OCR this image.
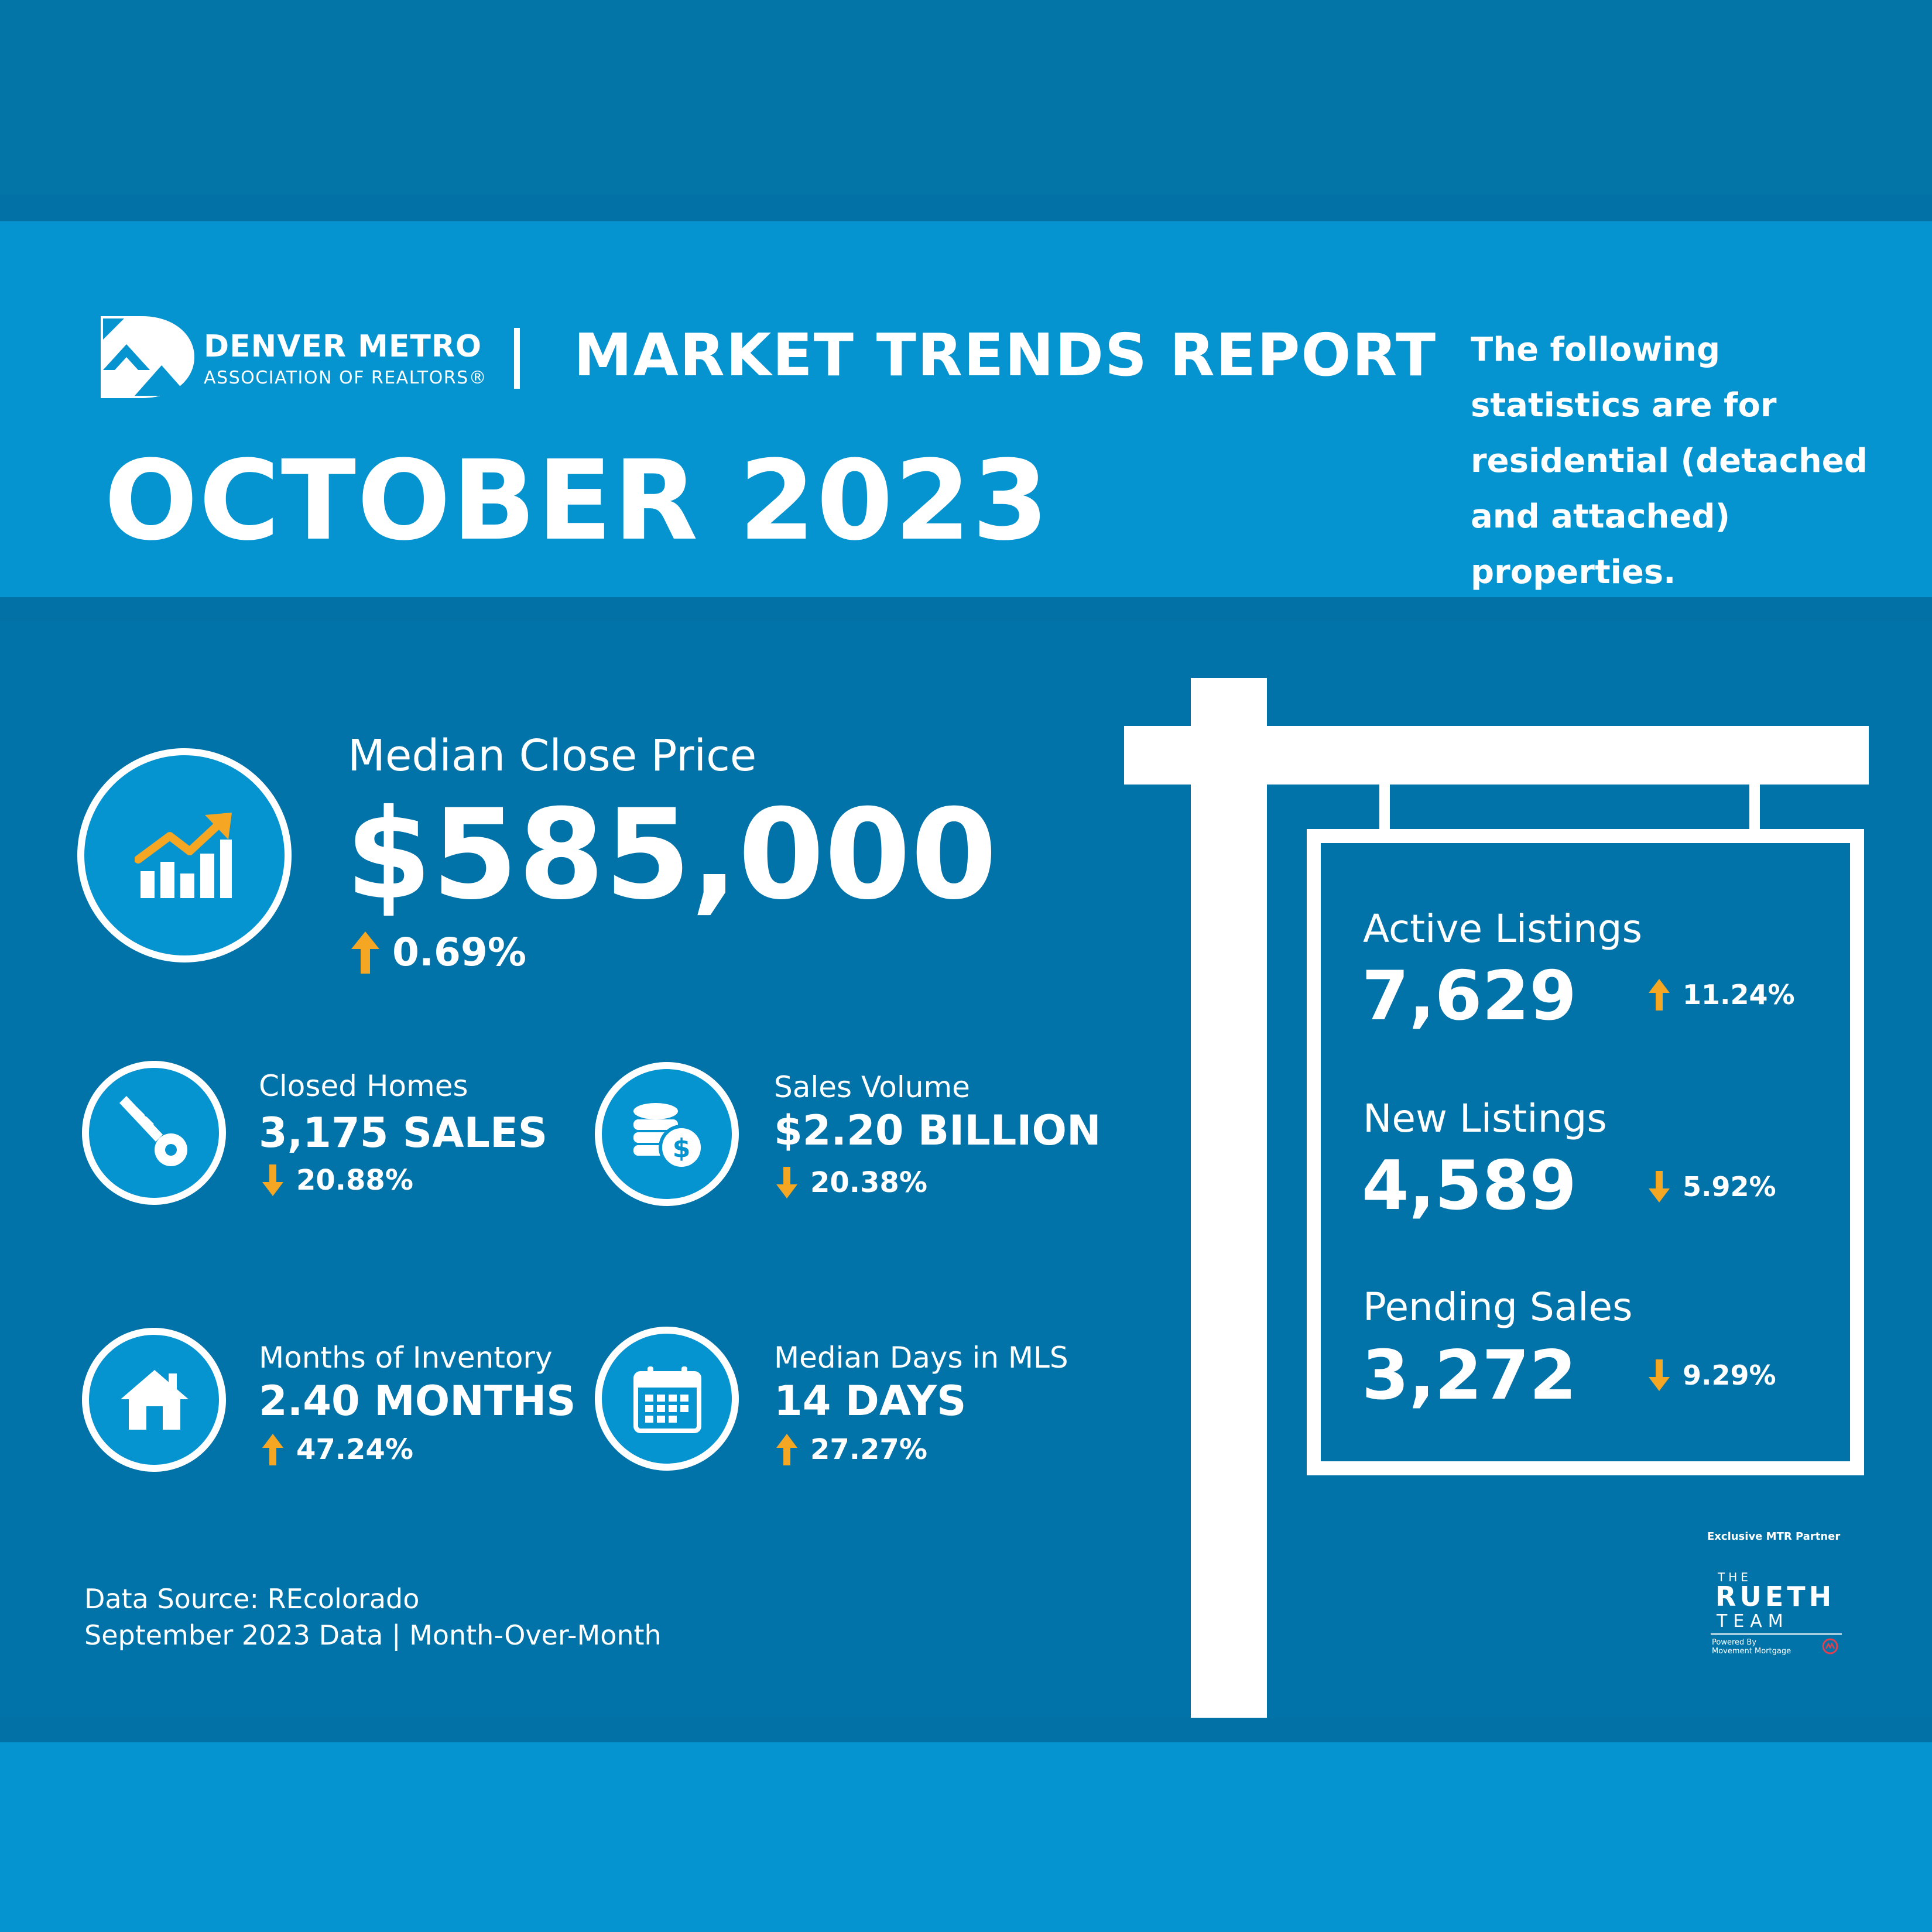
DENVER METRO
ASSOCIATION OF REALTORS® MARKET TRENDS REPORT
OCTOBER 2023
The following statistics are for residential (detached and attached) properties.
Median Close Price
$585,000
0.69%
Closed Homes
3,175 SALES
20.88%
$
Sales Volume
$2.20 BILLION
20.38%
Months of Inventory
2.40 MONTHS
47.24%
Median Days in MLS
14 DAYS
27.27%
Active Listings
7,629	11.24%
New Listings
4,589	5.92%
Pending Sales
3,272	9.29%
Data Source: REcolorado
September 2023 Data | Month-Over-Month
Exclusive MTR Partner
THE
RUETH
TEAM
Powered By
Movement Mortgage
